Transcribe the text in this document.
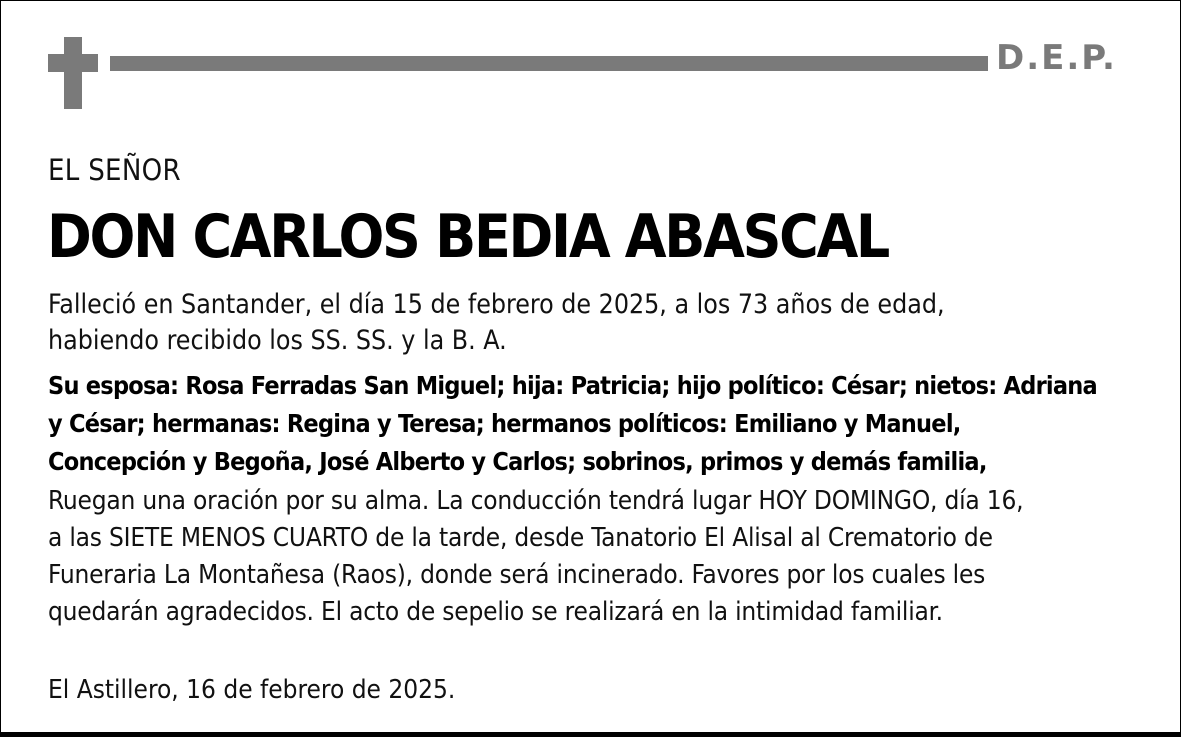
D.E.P.
EL SEÑOR
DON CARLOS BEDIA ABASCAL
Falleció en Santander, el día 15 de febrero de 2025, a los 73 años de edad,
habiendo recibido los SS. SS. y la B. A.
Su esposa: Rosa Ferradas San Miguel; hija: Patricia; hijo político: César; nietos: Adriana
y César; hermanas: Regina y Teresa; hermanos políticos: Emiliano y Manuel,
Concepción y Begoña, José Alberto y Carlos; sobrinos, primos y demás familia,
Ruegan una oración por su alma. La conducción tendrá lugar HOY DOMINGO, día 16,
a las SIETE MENOS CUARTO de la tarde, desde Tanatorio El Alisal al Crematorio de
Funeraria La Montañesa (Raos), donde será incinerado. Favores por los cuales les
quedarán agradecidos. El acto de sepelio se realizará en la intimidad familiar.
El Astillero, 16 de febrero de 2025.
